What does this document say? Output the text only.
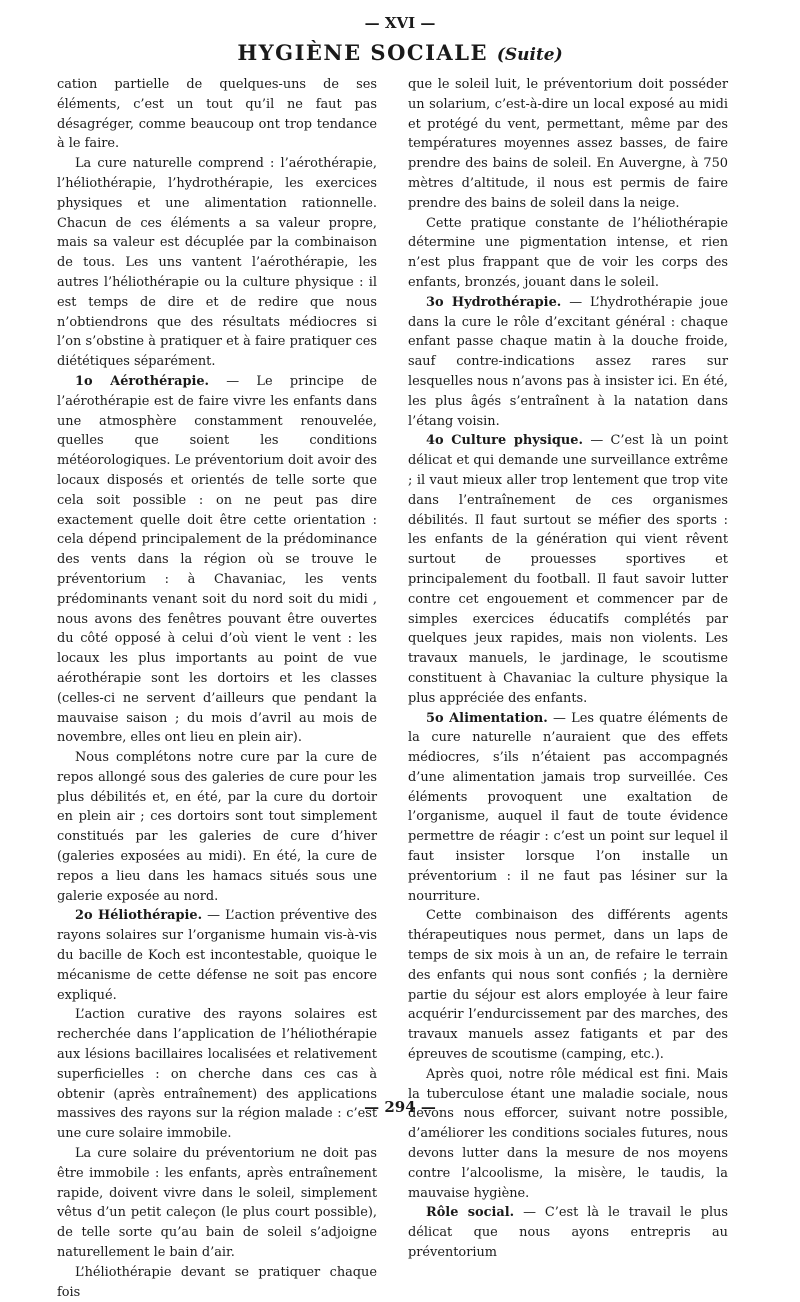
— XVI —
HYGIÈNE SOCIALE (Suite)

cation partielle de quelques-uns de ses éléments, c’est un tout qu’il ne faut pas désagréger, comme beaucoup ont trop tendance à le faire.

La cure naturelle comprend : l’aérothérapie, l’héliothérapie, l’hydrothérapie, les exercices physiques et une alimentation rationnelle. Chacun de ces éléments a sa valeur propre, mais sa valeur est décuplée par la combinaison de tous. Les uns vantent l’aérothérapie, les autres l’héliothérapie ou la culture physique : il est temps de dire et de redire que nous n’obtiendrons que des résultats médiocres si l’on s’obstine à pratiquer et à faire pratiquer ces diététiques séparément.

1o Aérothérapie. — Le principe de l’aérothérapie est de faire vivre les enfants dans une atmosphère constamment renouvelée, quelles que soient les conditions météorologiques. Le préventorium doit avoir des locaux disposés et orientés de telle sorte que cela soit possible : on ne peut pas dire exactement quelle doit être cette orientation : cela dépend principalement de la prédominance des vents dans la région où se trouve le préventorium : à Chavaniac, les vents prédominants venant soit du nord soit du midi , nous avons des fenêtres pouvant être ouvertes du côté opposé à celui d’où vient le vent : les locaux les plus importants au point de vue aérothérapie sont les dortoirs et les classes (celles-ci ne servent d’ailleurs que pendant la mauvaise saison ; du mois d’avril au mois de novembre, elles ont lieu en plein air).

Nous complétons notre cure par la cure de repos allongé sous des galeries de cure pour les plus débilités et, en été, par la cure du dortoir en plein air ; ces dortoirs sont tout simplement constitués par les galeries de cure d’hiver (galeries exposées au midi). En été, la cure de repos a lieu dans les hamacs situés sous une galerie exposée au nord.

2o Héliothérapie. — L’action préventive des rayons solaires sur l’organisme humain vis-à-vis du bacille de Koch est incontestable, quoique le mécanisme de cette défense ne soit pas encore expliqué.

L’action curative des rayons solaires est recherchée dans l’application de l’héliothérapie aux lésions bacillaires localisées et relativement superficielles : on cherche dans ces cas à obtenir (après entraînement) des applications massives des rayons sur la région malade : c’est une cure solaire immobile.

La cure solaire du préventorium ne doit pas être immobile : les enfants, après entraînement rapide, doivent vivre dans le soleil, simplement vêtus d’un petit caleçon (le plus court possible), de telle sorte qu’au bain de soleil s’adjoigne naturellement le bain d’air.

L’héliothérapie devant se pratiquer chaque fois

que le soleil luit, le préventorium doit posséder un solarium, c’est-à-dire un local exposé au midi et protégé du vent, permettant, même par des températures moyennes assez basses, de faire prendre des bains de soleil. En Auvergne, à 750 mètres d’altitude, il nous est permis de faire prendre des bains de soleil dans la neige.

Cette pratique constante de l’héliothérapie détermine une pigmentation intense, et rien n’est plus frappant que de voir les corps des enfants, bronzés, jouant dans le soleil.

3o Hydrothérapie. — L’hydrothérapie joue dans la cure le rôle d’excitant général : chaque enfant passe chaque matin à la douche froide, sauf contre-indications assez rares sur lesquelles nous n’avons pas à insister ici. En été, les plus âgés s’entraînent à la natation dans l’étang voisin.

4o Culture physique. — C’est là un point délicat et qui demande une surveillance extrême ; il vaut mieux aller trop lentement que trop vite dans l’entraînement de ces organismes débilités. Il faut surtout se méfier des sports : les enfants de la génération qui vient rêvent surtout de prouesses sportives et principalement du football. Il faut savoir lutter contre cet engouement et commencer par de simples exercices éducatifs complétés par quelques jeux rapides, mais non violents. Les travaux manuels, le jardinage, le scoutisme constituent à Chavaniac la culture physique la plus appréciée des enfants.

5o Alimentation. — Les quatre éléments de la cure naturelle n’auraient que des effets médiocres, s’ils n’étaient pas accompagnés d’une alimentation jamais trop surveillée. Ces éléments provoquent une exaltation de l’organisme, auquel il faut de toute évidence permettre de réagir : c’est un point sur lequel il faut insister lorsque l’on installe un préventorium : il ne faut pas lésiner sur la nourriture.

Cette combinaison des différents agents thérapeutiques nous permet, dans un laps de temps de six mois à un an, de refaire le terrain des enfants qui nous sont confiés ; la dernière partie du séjour est alors employée à leur faire acquérir l’endurcissement par des marches, des travaux manuels assez fatigants et par des épreuves de scoutisme (camping, etc.).

Après quoi, notre rôle médical est fini. Mais la tuberculose étant une maladie sociale, nous devons nous efforcer, suivant notre possible, d’améliorer les conditions sociales futures, nous devons lutter dans la mesure de nos moyens contre l’alcoolisme, la misère, le taudis, la mauvaise hygiène.

Rôle social. — C’est là le travail le plus délicat que nous ayons entrepris au préventorium

— 294 —
